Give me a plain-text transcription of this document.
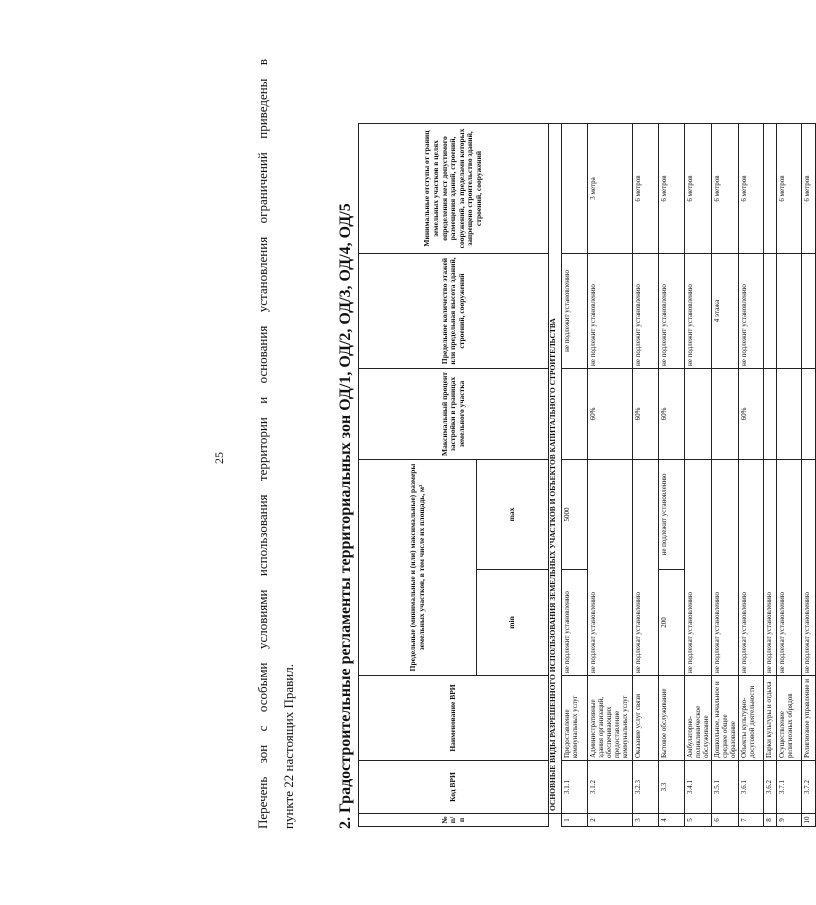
25	Перечень зон с особыми условиями использования территории и основания установления ограничений приведены в пункте 22 настоящих Правил.	2. Градостроительные регламенты территориальных зон ОД/1, ОД/2, ОД/3, ОД/4, ОД/5	№ п/п	Код ВРИ	Наименование ВРИ	Предельные (минимальные и (или) максимальные) размеры земельных участков, в том числе их площадь, м²		Максимальный процент застройки в границах земельного участка	Предельное количество этажей или предельная высота зданий, строений, сооружений	Минимальные отступы от границ земельных участков в целях определения мест допустимого размещения зданий, строений, сооружений, за пределами которых запрещено строительство зданий, строений, сооружений
			min	max			
	ОСНОВНЫЕ ВИДЫ РАЗРЕШЕННОГО ИСПОЛЬЗОВАНИЯ ЗЕМЕЛЬНЫХ УЧАСТКОВ И ОБЪЕКТОВ КАПИТАЛЬНОГО СТРОИТЕЛЬСТВА						
1	3.1.1	Предоставление коммунальных услуг	не подлежит установлению	5000		не подлежит установлению	
2	3.1.2	Административные здания организаций, обеспечивающих предоставление коммунальных услуг	не подлежат установлению		60%	не подлежит установлению	3 метра
3	3.2.3	Оказание услуг связи	не подлежат установлению		60%	не подлежит установлению	6 метров
4	3.3	Бытовое обслуживание	200	не подлежит установлению	60%	не подлежит установлению	6 метров
5	3.4.1	Амбулаторно-поликлиническое обслуживание	не подлежат установлению			не подлежит установлению	6 метров
6	3.5.1	Дошкольное, начальное и среднее общее образование	не подлежат установлению			4 этажа	6 метров
7	3.6.1	Объекты культурно-досуговой деятельности	не подлежат установлению		60%	не подлежит установлению	6 метров
8	3.6.2	Парки культуры и отдыха	не подлежат установлению				
9	3.7.1	Осуществление религиозных обрядов	не подлежат установлению				6 метров
10	3.7.2	Религиозное управление и	не подлежат установлению				6 метров
